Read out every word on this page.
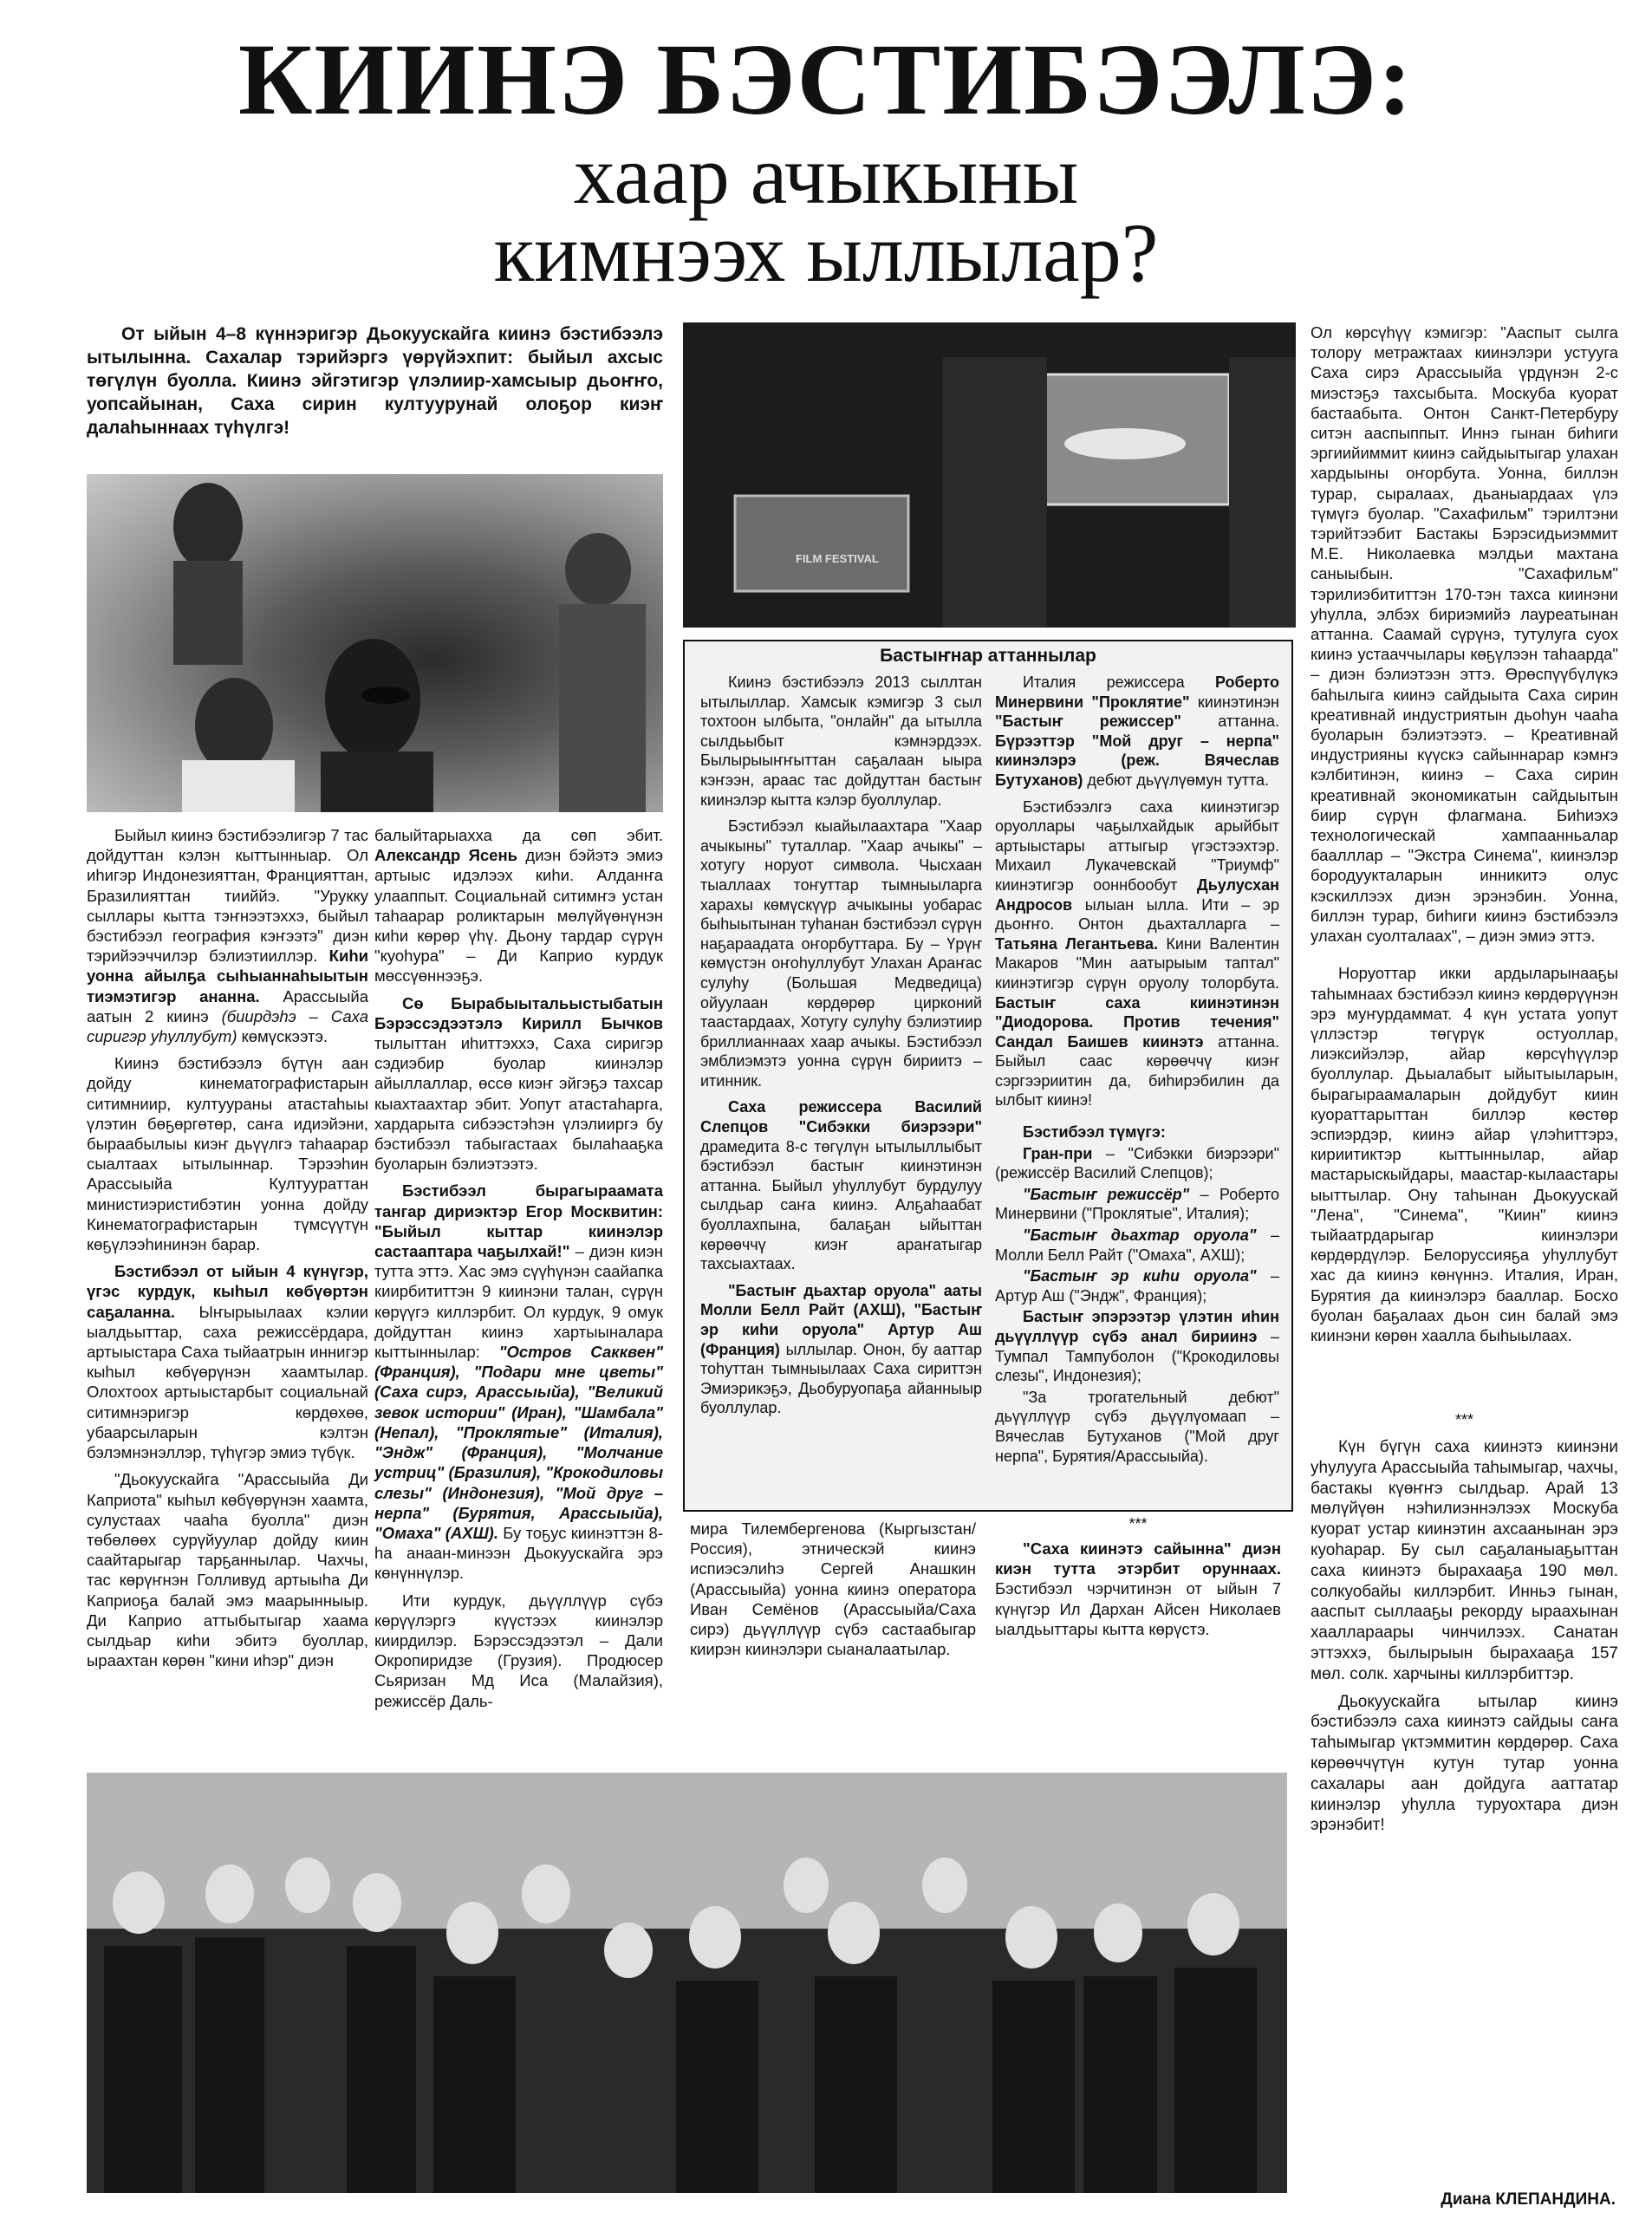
КИИНЭ БЭСТИБЭЭЛЭ:
хаар ачыкыны
кимнээх ыллылар?
От ыйын 4–8 күннэригэр Дьокуускайга киинэ бэстибээлэ ытылынна. Сахалар тэрийэргэ үөрүйэхпит: быйыл ахсыс төгүлүн буолла. Киинэ эйгэтигэр үлэлиир-хамсыыр дьоҥҥо, уопсайынан, Саха сирин култуурунай олоҕор киэҥ далаһыннаах түһүлгэ!

Быйыл киинэ бэстибээлигэр 7 тас дойдуттан кэлэн кыттынныар. Ол иһигэр Индонезияттан, Францияттан, Бразилияттан тииййэ. "Урукку сыллары кытта тэҥнээтэххэ, быйыл бэстибээл география кэҥээтэ" диэн тэрийээччилэр бэлиэтииллэр. Киһи уонна айылҕа сыһыаннаһыытын тиэмэтигэр ананна. Арассыыйа аатын 2 киинэ (биирдэһэ – Саха сиригэр уһуллубут) көмүскээтэ.

Киинэ бэстибээлэ бүтүн аан дойду кинематографистарын ситимниир, култуураны атастаһыы үлэтин бөҕөргөтөр, саҥа идиэйэни, быраабылыы киэҥ дьүүлгэ таһаарар сыалтаах ытылыннар. Тэрээһин Арассыыйа Култуураттан министиэристибэтин уонна дойду Кинематографистарын түмсүүтүн көҕүлээһининэн барар.

Бэстибээл от ыйын 4 күнүгэр, үгэс курдук, кыһыл көбүөртэн саҕаланна. Ыҥырыылаах кэлии ыалдьыттар, саха режиссёрдара, артыыстара Саха тыйаатрын иннигэр кыһыл көбүөрүнэн хаамтылар. Олохтоох артыыстарбыт социальнай ситимнэригэр көрдөхөө, убаарсыларын кэлтэн бэлэмнэнэллэр, түһүгэр эмиэ түбүк.

"Дьокуускайга "Арассыыйа Ди Каприота" кыһыл көбүөрүнэн хаамта, сулустаах чааһа буолла" диэн төбөлөөх сурүйуулар дойду киин саайтарыгар тарҕаннылар. Чахчы, тас көрүҥнэн Голливуд артыыһа Ди Каприоҕа балай эмэ маарынныыр. Ди Каприо аттыбытыгар хаама сылдьар киһи эбитэ буоллар, ыраахтан көрөн "кини иһэр" диэн

балыйтарыахха да сөп эбит. Александр Ясень диэн бэйэтэ эмиэ артыыс идэлээх киһи. Алданҥа улааппыт. Социальнай ситимҥэ устан таһаарар роликтарын мөлүйүөнүнэн киһи көрөр үһү. Дьону тардар сүрүн "куоһура" – Ди Каприо курдук мөссүөннээҕэ.

Сѳ Бырабыытальыстыбатын Бэрэссэдээтэлэ Кирилл Бычков тылыттан иһиттэххэ, Саха сиригэр сэдиэбир буолар киинэлэр айыллаллар, өссө киэҥ эйгэҕэ тахсар кыахтаахтар эбит. Уопут атастаһарга, хардарыта сибээстэһэн үлэлииргэ бу бэстибээл табыгастаах былаһааҕка буоларын бэлиэтээтэ.

Бэстибээл бырагыраамата тангар дириэктэр Егор Москвитин: "Быйыл кыттар киинэлэр састааптара чаҕылхай!" – диэн киэн тутта эттэ. Хас эмэ сүүһүнэн саайапка киирбититтэн 9 киинэни талан, сүрүн көрүүгэ киллэрбит. Ол курдук, 9 омук дойдуттан киинэ хартыыналара кыттыннылар: "Остров Сакквен" (Франция), "Подари мне цветы" (Саха сирэ, Арассыыйа), "Великий зевок истории" (Иран), "Шамбала" (Непал), "Проклятые" (Италия), "Эндж" (Франция), "Молчание устриц" (Бразилия), "Крокодиловы слезы" (Индонезия), "Мой друг – нерпа" (Бурятия, Арассыыйа), "Омаха" (АХШ). Бу тоҕус киинэттэн 8-һа анаан-минээн Дьокуускайга эрэ көнүннүлэр.

Ити курдук, дьүүллүүр сүбэ көрүүлэргэ күүстээх киинэлэр киирдилэр. Бэрэссэдээтэл – Дали Окропиридзе (Грузия). Продюсер Сьяризан Мд Иса (Малайзия), режиссёр Даль-

FILM FESTIVAL
Бастыҥнар аттаннылар

Киинэ бэстибээлэ 2013 сыллтан ытылыллар. Хамсык кэмигэр 3 сыл тохтоон ылбыта, "онлайн" да ытылла сылдьыбыт кэмнэрдээх. Былырыыҥҥыттан саҕалаан ыыра кэҥээн, араас тас дойдуттан бастыҥ киинэлэр кытта кэлэр буоллулар.

Бэстибээл кыайылаахтара "Хаар ачыкыны" туталлар. "Хаар ачыкы" – хотугу норуот символа. Чысхаан тыаллаах тоҥуттар тымныыларга харахы көмүскүүр ачыкыны уобарас быһыытынан туһанан бэстибээл сүрүн наҕараадата оҥорбуттара. Бу – Үрүҥ көмүстэн оҥоһуллубут Улахан Араҥас сулуһу (Большая Медведица) ойуулаан көрдөрөр цирконий таастардаах, Хотугу сулуһу бэлиэтиир бриллианнаах хаар ачыкы. Бэстибээл эмблиэмэтэ уонна сүрүн бириитэ – итинник.

Саха режиссера Василий Слепцов "Сибэкки биэрээри" дрaмедитa 8-с төгүлүн ытылыллыбыт бэстибээл бастыҥ киинэтинэн аттанна. Быйыл уһуллубут бурдулуу сылдьар саҥа киинэ. Алҕаһаабат буоллахпына, балаҕан ыйыттан көрөөччү киэҥ араҥатыгар тахсыахтаах.

"Бастыҥ дьахтар оруола" ааты Молли Белл Райт (АХШ), "Бастыҥ эр киһи оруола" Артур Аш (Франция) ыллылар. Онон, бу ааттар тоһуттан тымныылаах Саха сириттэн Эмиэрикэҕэ, Дьобуруопаҕа айанныыр буоллулар.

Италия режиссера Роберто Минервини "Проклятие" киинэтинэн "Бастыҥ режиссер" аттанна. Бүрээттэр "Мой друг – нерпа" киинэлэрэ (реж. Вячеслав Бутуханов) дебют дьүүлүөмун тутта.

Бэстибээлгэ саха киинэтигэр оруоллары чаҕылхайдык арыйбыт артыыстары аттыгыр үгэстээхтэр. Михаил Лукачевскай "Триумф" киинэтигэр ооннбообут Дьулусхан Андросов ылыан ылла. Ити – эр дьоҥҥо. Онтон дьахталларга – Татьяна Легантьева. Кини Валентин Макаров "Мин аатырыым таптал" киинэтигэр сүрүн оруолу толорбута. Бастыҥ саха киинэтинэн "Диодорова. Против течения" Сандал Баишев киинэтэ аттанна. Быйыл саас көрөөччү киэҥ сэргээриитин да, биһирэбилин да ылбыт киинэ!

Бэстибээл түмүгэ:

Гран-при – "Сибэкки биэрээри" (режиссёр Василий Слепцов);

"Бастыҥ режиссёр" – Роберто Минервини ("Проклятые", Италия);

"Бастыҥ дьахтар оруола" – Молли Белл Райт ("Омаха", АХШ);

"Бастыҥ эр киһи оруола" – Артур Аш ("Эндж", Франция);

Бастыҥ эпэрээтэр үлэтин иһин дьүүллүүр сүбэ анал бириинэ – Тумпал Тампуболон ("Крокодиловы слезы", Индонезия);

"За трогательный дебют" дьүүллүүр сүбэ дьүүлүомаап – Вячеслав Бутуханов ("Мой друг нерпа", Бурятия/Арассыыйа).

Ол көрсүһүү кэмигэр: "Ааспыт сылга толору метражтаах киинэлэри устууга Саха сирэ Арассыыйа үрдүнэн 2-с миэстэҕэ тахсыбыта. Москуба куорат бастаабыта. Онтон Санкт-Петербуру ситэн ааспыппыт. Иннэ гынан биһиги эргиийиммит киинэ сайдыытыгар улахан хардыыны оҥорбута. Уонна, биллэн турар, сыралаах, дьаныардаах үлэ түмүгэ буолар. "Сахафильм" тэрилтэни тэрийтээбит Бастакы Бэрэсидьиэммит М.Е. Николаевка мэлдьи махтана саныыбын. "Сахафильм" тэрилиэбититтэн 170-тэн тахса киинэни уһулла, элбэх бириэмийэ лауреатынан аттанна. Саамай сүрүнэ, тутулуга суох киинэ устааччылары көҕүлээн таһаарда" – диэн бэлиэтээн эттэ. Өрөспүүбүлүкэ баһылыга киинэ сайдыыта Саха сирин креативнай индустриятын дьоһун чааһа буоларын бэлиэтээтэ. – Креативнай индустрияны күүскэ сайыннарар кэмҥэ кэлбитинэн, киинэ – Саха сирин креативнай экономикатын сайдыытын биир сүрүн флагмана. Биһиэхэ технологическай хампаанньалар баалллар – "Экстра Синема", киинэлэр бородуукталарын инникитэ олус кэскиллээх диэн эрэнэбин. Уонна, биллэн турар, биһиги киинэ бэстибээлэ улахан суолталаах", – диэн эмиэ эттэ.

Норуоттар икки ардыларынааҕы таһымнаах бэстибээл киинэ көрдөрүүнэн эрэ муҥурдаммат. 4 күн устата уопут үллэстэр төгүрүк остуоллар, лиэксийэлэр, айар көрсүһүүлэр буоллулар. Дьыалабыт ыйытыыларын, бырагыраамаларын дойдубут киин куораттарыттан биллэр көстөр эспиэрдэр, киинэ айар үлэһиттэрэ, кириитиктэр кыттыннылар, айар мастарыскыйдары, маастар-кылаастары ыыттылар. Ону таһынан Дьокуускай "Лена", "Синема", "Киин" киинэ тыйаатрдарыгар киинэлэри көрдөрдүлэр. Белоруссияҕа уһуллубут хас да киинэ көнүннэ. Италия, Иран, Бурятия да киинэлэрэ бааллар. Босхо буолан баҕалаах дьон син балай эмэ киинэни көрөн хаалла быһыылаах.

мира Тилембергенова (Кыргызстан/Россия), этническэй киинэ испиэсэлиһэ Сергей Анашкин (Арассыыйа) уонна киинэ оператора Иван Семёнов (Арассыыйа/Саха сирэ) дьүүллүүр сүбэ састаабыгар киирэн киинэлэри сыаналаатылар.

***

"Саха киинэтэ сайынна" диэн киэн тутта этэрбит оруннаах. Бэстибээл чэрчитинэн от ыйын 7 күнүгэр Ил Дархан Айсен Николаев ыалдьыттары кытта көрүстэ.

***

Күн бүгүн саха киинэтэ киинэни уһулууга Арассыыйа таһымыгар, чахчы, бастакы күөҥҥэ сылдьар. Арай 13 мөлүйүөн нэһилиэннэлээх Москуба куорат устар киинэтин ахсаанынан эрэ куоһарар. Бу сыл саҕаланыаҕыттан саха киинэтэ бырахааҕа 190 мөл. солкуобайы киллэрбит. Инньэ гынан, ааспыт сыллааҕы рекорду ыраахынан хааллараары чинчилээх. Санатан эттэххэ, былырыын бырахааҕа 157 мөл. солк. харчыны киллэрбиттэр.

Дьокуускайга ытылар киинэ бэстибээлэ саха киинэтэ сайдыы саҥа таһымыгар үктэммитин көрдөрөр. Саха көрөөччүтүн кутун тутар уонна сахалары аан дойдуга ааттатар киинэлэр уһулла туруохтара диэн эрэнэбит!

Диана КЛЕПАНДИНА.
